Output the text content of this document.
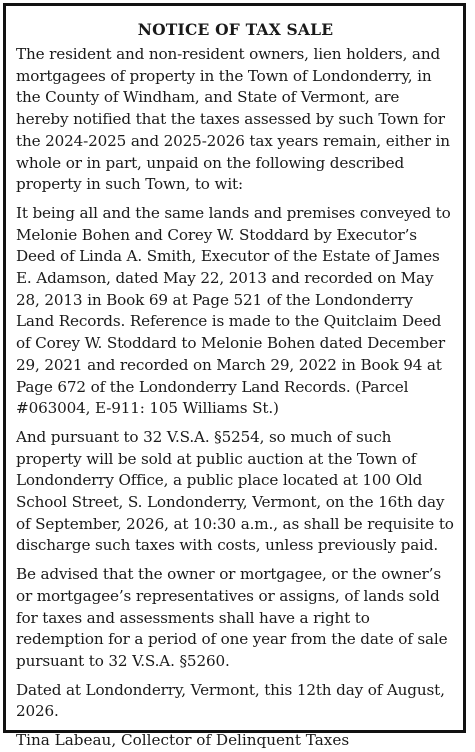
NOTICE OF TAX SALE

The resident and non-resident owners, lien holders, and mortgagees of property in the Town of Londonderry, in the County of Windham, and State of Vermont, are hereby notified that the taxes assessed by such Town for the 2024-2025 and 2025-2026 tax years remain, either in whole or in part, unpaid on the following described property in such Town, to wit:

It being all and the same lands and premises conveyed to Melonie Bohen and Corey W. Stoddard by Executor’s Deed of Linda A. Smith, Executor of the Estate of James E. Adamson, dated May 22, 2013 and recorded on May 28, 2013 in Book 69 at Page 521 of the Londonderry Land Records. Reference is made to the Quitclaim Deed of Corey W. Stoddard to Melonie Bohen dated December 29, 2021 and recorded on March 29, 2022 in Book 94 at Page 672 of the Londonderry Land Records. (Parcel #063004, E-911: 105 Williams St.)

And pursuant to 32 V.S.A. §5254, so much of such property will be sold at public auction at the Town of Londonderry Office, a public place located at 100 Old School Street, S. Londonderry, Vermont, on the 16th day of September, 2026, at 10:30 a.m., as shall be requisite to discharge such taxes with costs, unless previously paid.

Be advised that the owner or mortgagee, or the owner’s or mortgagee’s representatives or assigns, of lands sold for taxes and assessments shall have a right to redemption for a period of one year from the date of sale pursuant to 32 V.S.A. §5260.

Dated at Londonderry, Vermont, this 12th day of August, 2026.

Tina Labeau, Collector of Delinquent Taxes
